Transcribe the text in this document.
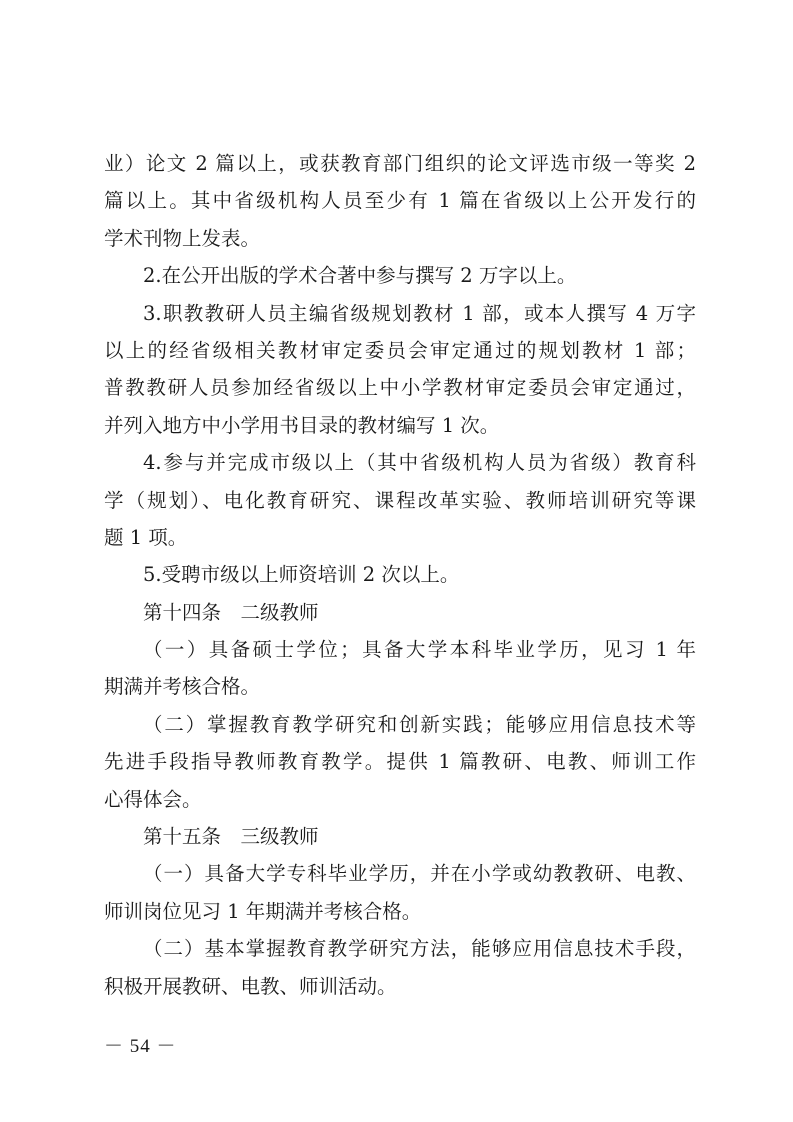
业）论文 2 篇以上，或获教育部门组织的论文评选市级一等奖 2
篇以上。其中省级机构人员至少有 1 篇在省级以上公开发行的
学术刊物上发表。
2.在公开出版的学术合著中参与撰写 2 万字以上。
3.职教教研人员主编省级规划教材 1 部，或本人撰写 4 万字
以上的经省级相关教材审定委员会审定通过的规划教材 1 部；
普教教研人员参加经省级以上中小学教材审定委员会审定通过，
并列入地方中小学用书目录的教材编写 1 次。
4.参与并完成市级以上（其中省级机构人员为省级）教育科
学（规划）、电化教育研究、课程改革实验、教师培训研究等课
题 1 项。
5.受聘市级以上师资培训 2 次以上。
第十四条　二级教师
（一）具备硕士学位；具备大学本科毕业学历，见习 1 年
期满并考核合格。
（二）掌握教育教学研究和创新实践；能够应用信息技术等
先进手段指导教师教育教学。提供 1 篇教研、电教、师训工作
心得体会。
第十五条　三级教师
（一）具备大学专科毕业学历，并在小学或幼教教研、电教、
师训岗位见习 1 年期满并考核合格。
（二）基本掌握教育教学研究方法，能够应用信息技术手段，
积极开展教研、电教、师训活动。
－ 54 －
